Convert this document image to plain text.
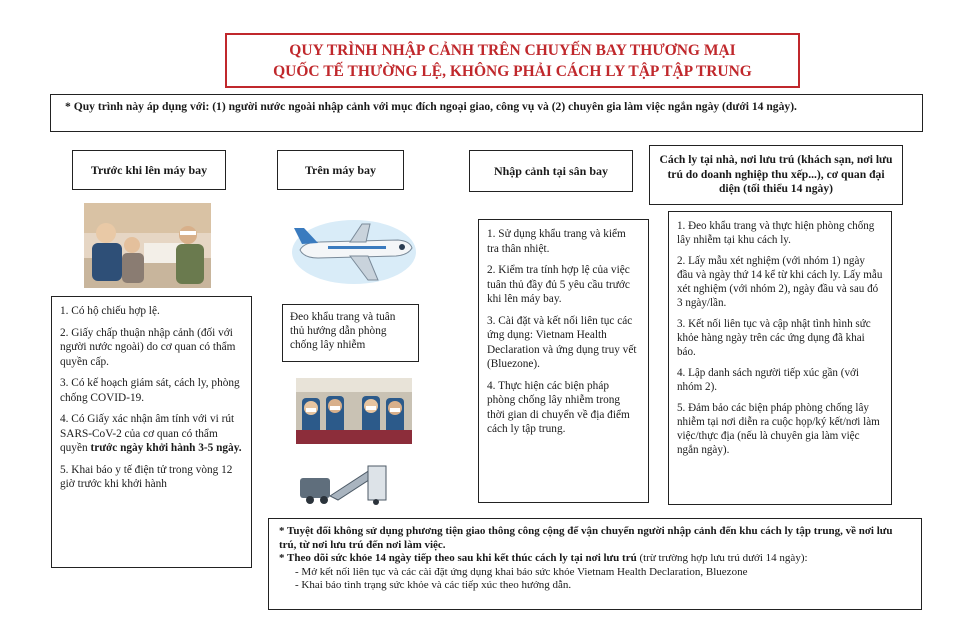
QUY TRÌNH NHẬP CẢNH TRÊN CHUYẾN BAY THƯƠNG MẠI
QUỐC TẾ THƯỜNG LỆ, KHÔNG PHẢI CÁCH LY TẬP TẬP TRUNG
* Quy trình này áp dụng với: (1) người nước ngoài nhập cảnh với mục đích ngoại giao, công vụ và (2) chuyên gia làm việc ngắn ngày (dưới 14 ngày).
Trước khi lên máy bay	Trên máy bay	Nhập cảnh tại sân bay
Cách ly tại nhà, nơi lưu trú (khách sạn, nơi lưu trú do doanh nghiệp thu xếp...), cơ quan đại diện (tối thiểu 14 ngày)
Đeo khẩu trang và tuân thủ hướng dẫn phòng chống lây nhiễm

1. Có hộ chiếu hợp lệ.

2. Giấy chấp thuận nhập cảnh (đối với người nước ngoài) do cơ quan có thẩm quyền cấp.

3. Có kế hoạch giám sát, cách ly, phòng chống COVID-19.

4. Có Giấy xác nhận âm tính với vi rút SARS-CoV-2 của cơ quan có thẩm quyền trước ngày khởi hành 3-5 ngày.

5. Khai báo y tế điện tử trong vòng 12 giờ trước khi khởi hành

1. Sử dụng khẩu trang và kiểm tra thân nhiệt.

2. Kiểm tra tính hợp lệ của việc tuân thủ đầy đủ 5 yêu cầu trước khi lên máy bay.

3. Cài đặt và kết nối liên tục các ứng dụng: Vietnam Health Declaration và ứng dụng truy vết (Bluezone).

4. Thực hiện các biện pháp phòng chống lây nhiễm trong thời gian di chuyển về địa điểm cách ly tập trung.

1. Đeo khẩu trang và thực hiện phòng chống lây nhiễm tại khu cách ly.

2. Lấy mẫu xét nghiệm (với nhóm 1) ngày đầu và ngày thứ 14 kể từ khi cách ly. Lấy mẫu xét nghiệm (với nhóm 2), ngày đầu và sau đó 3 ngày/lần.

3. Kết nối liên tục và cập nhật tình hình sức khỏe hàng ngày trên các ứng dụng đã khai báo.

4. Lập danh sách người tiếp xúc gần (với nhóm 2).

5. Đảm bảo các biện pháp phòng chống lây nhiễm tại nơi diễn ra cuộc họp/ký kết/nơi làm việc/thực địa (nếu là chuyên gia làm việc ngắn ngày).

* Tuyệt đối không sử dụng phương tiện giao thông công cộng để vận chuyển người nhập cảnh đến khu cách ly tập trung, về nơi lưu trú, từ nơi lưu trú đến nơi làm việc.
* Theo dõi sức khỏe 14 ngày tiếp theo sau khi kết thúc cách ly tại nơi lưu trú (trừ trường hợp lưu trú dưới 14 ngày):
- Mở kết nối liên tục và các cài đặt ứng dụng khai báo sức khỏe Vietnam Health Declaration, Bluezone
- Khai báo tình trạng sức khỏe và các tiếp xúc theo hướng dẫn.
